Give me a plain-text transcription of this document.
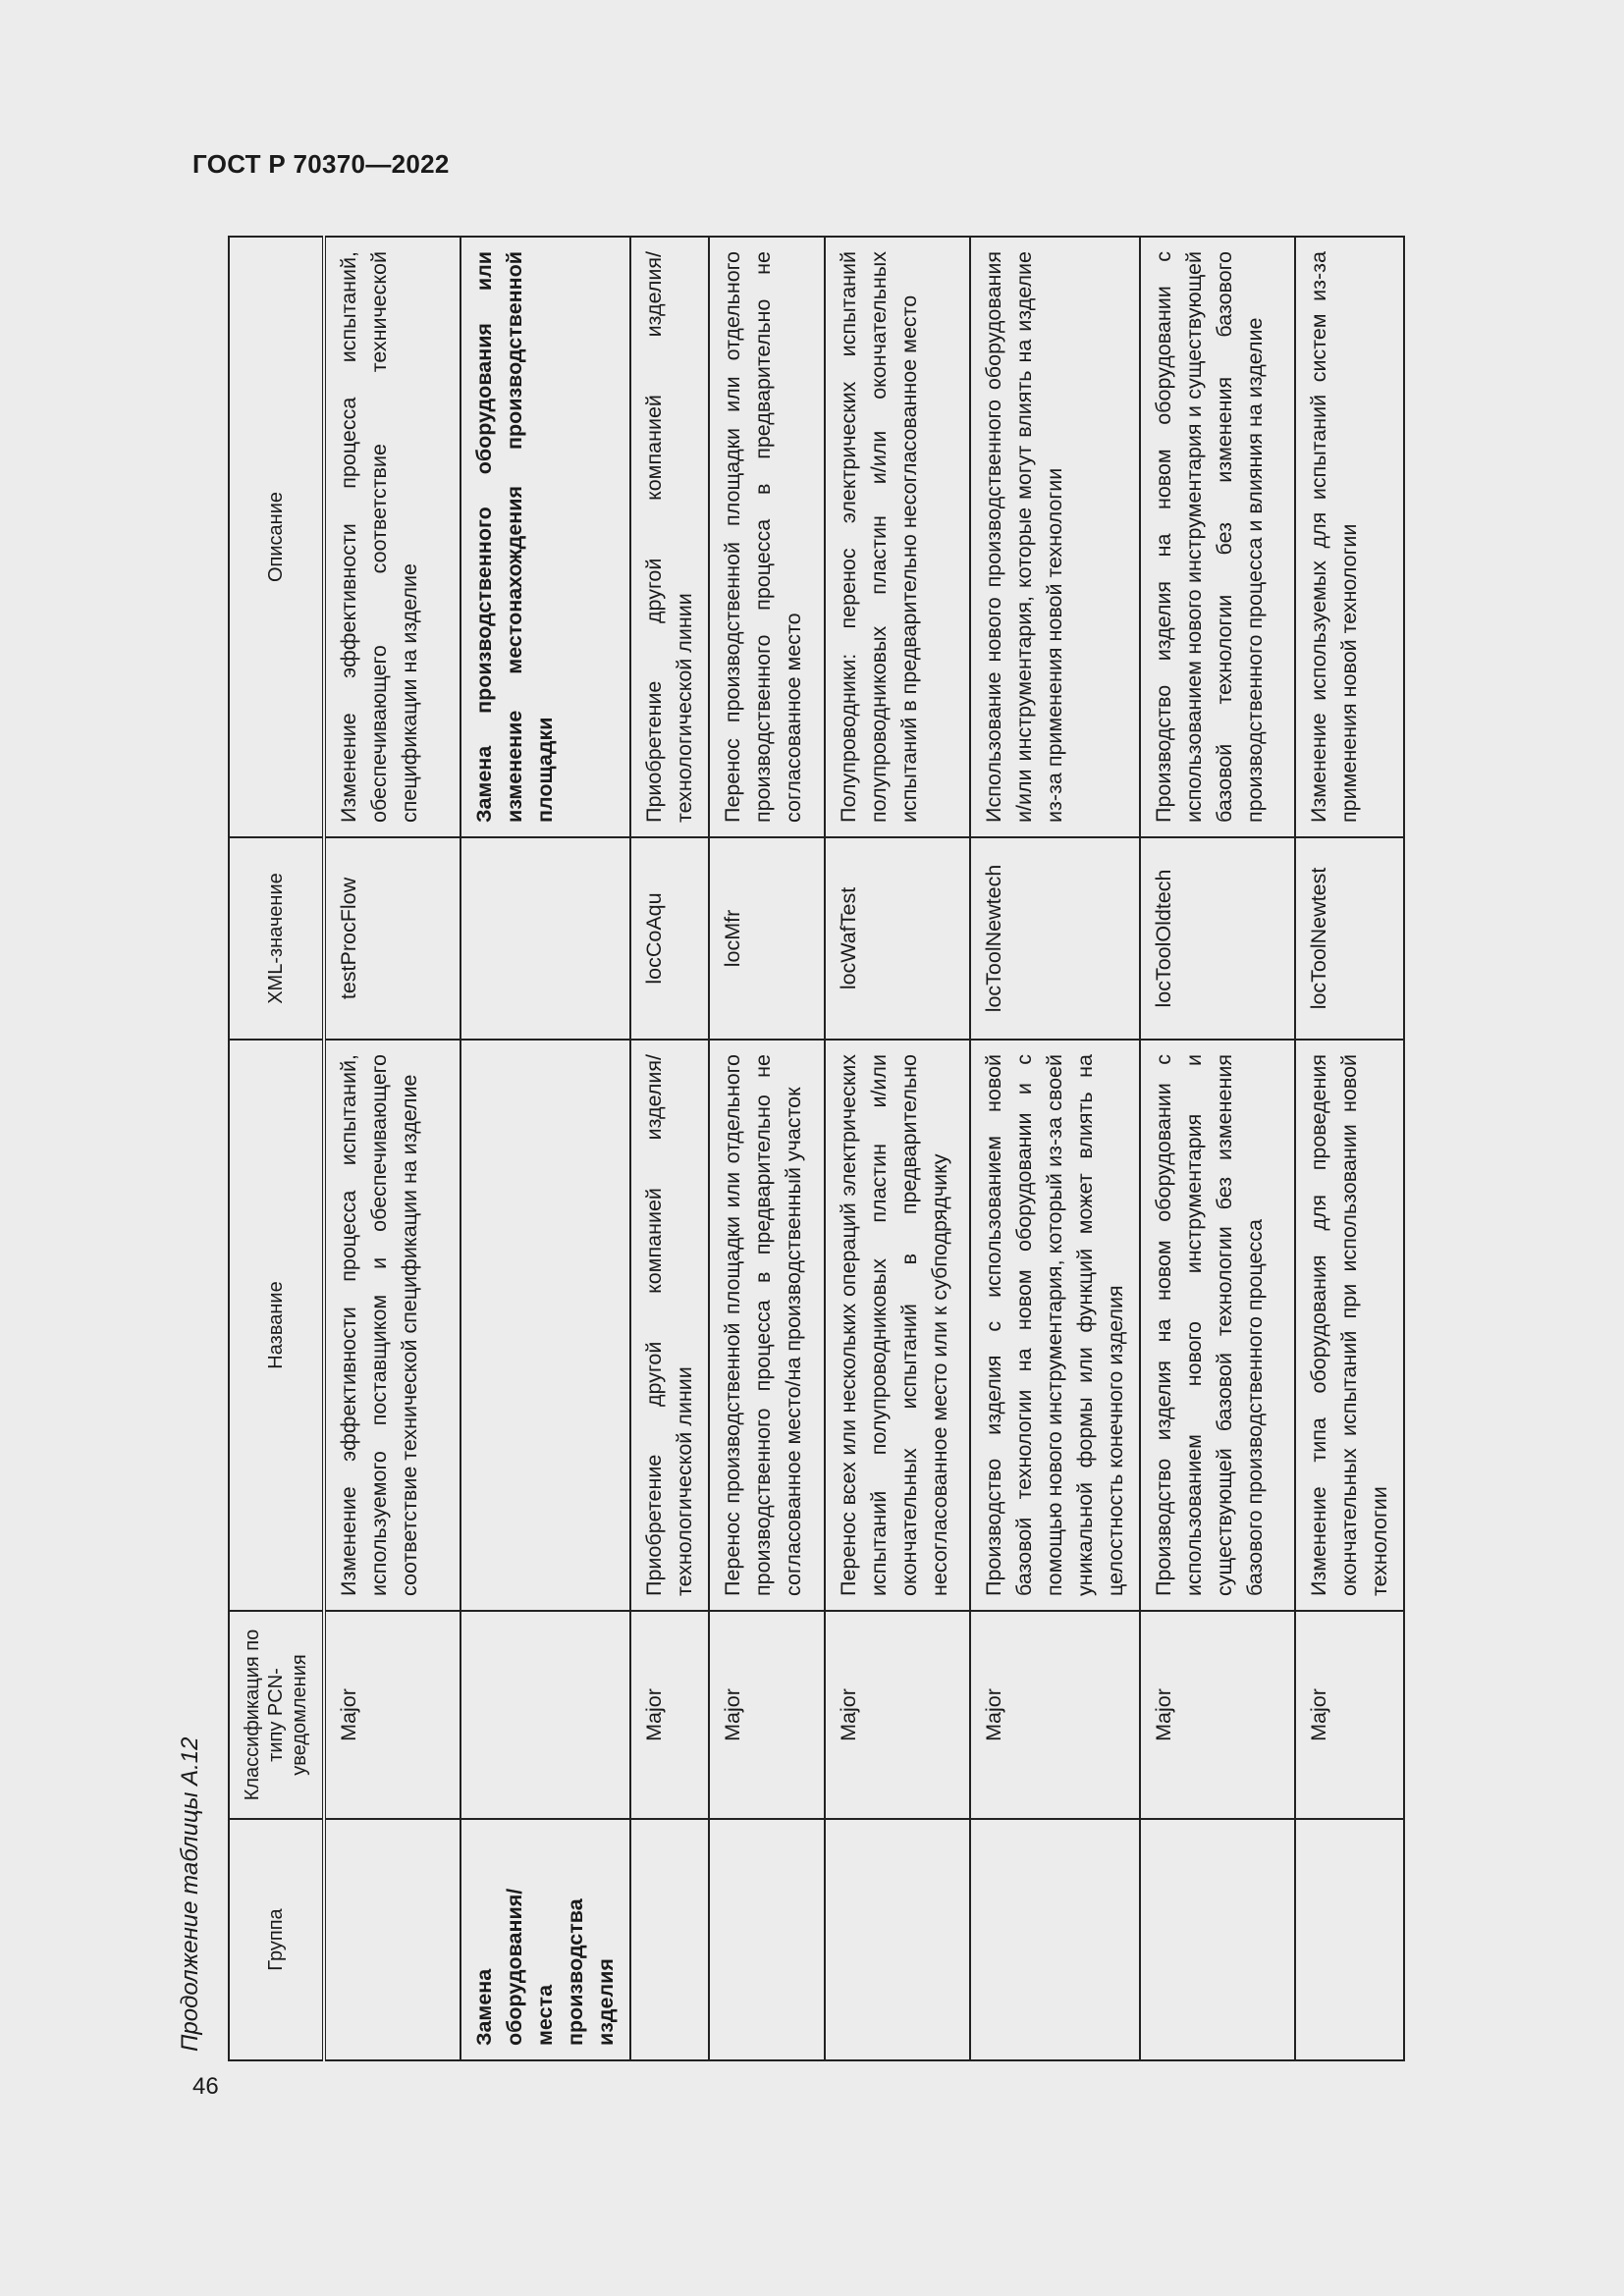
ГОСТ Р 70370—2022
46
Продолжение таблицы А.12	Группа	Классификация по типу PCN-уведомления	Название	XML-значение	Описание
	Major	Изменение эффективности процесса испытаний, используемого поставщиком и обеспечивающего соответствие технической спецификации на изделие	testProcFlow	Изменение эффективности процесса испытаний, обеспечивающего соответствие технической спецификации на изделие
Замена оборудования/ места производства изделия				Замена производственного оборудования или изменение местонахождения производственной площадки
	Major	Приобретение другой компанией изделия/технологической линии	locCoAqu	Приобретение другой компанией изделия/технологической линии
	Major	Перенос производственной площадки или отдельного производственного процесса в предварительно не согласованное место/на производственный участок	locMfr	Перенос производственной площадки или отдельного производственного процесса в предварительно не согласованное место
	Major	Перенос всех или нескольких операций электрических испытаний полупроводниковых пластин и/или окончательных испытаний в предварительно несогласованное место или к субподрядчику	locWafTest	Полупроводники: перенос электрических испытаний полупроводниковых пластин и/или окончательных испытаний в предварительно несогласованное место
	Major	Производство изделия с использованием новой базовой технологии на новом оборудовании и с помощью нового инструментария, который из-за своей уникальной формы или функций может влиять на целостность конечного изделия	locToolNewtech	Использование нового производственного оборудования и/или инструментария, которые могут влиять на изделие из-за применения новой технологии
	Major	Производство изделия на новом оборудовании с использованием нового инструментария и существующей базовой технологии без изменения базового производственного процесса	locToolOldtech	Производство изделия на новом оборудовании с использованием нового инструментария и существующей базовой технологии без изменения базового производственного процесса и влияния на изделие
	Major	Изменение типа оборудования для проведения окончательных испытаний при использовании новой технологии	locToolNewtest	Изменение используемых для испытаний систем из-за применения новой технологии
